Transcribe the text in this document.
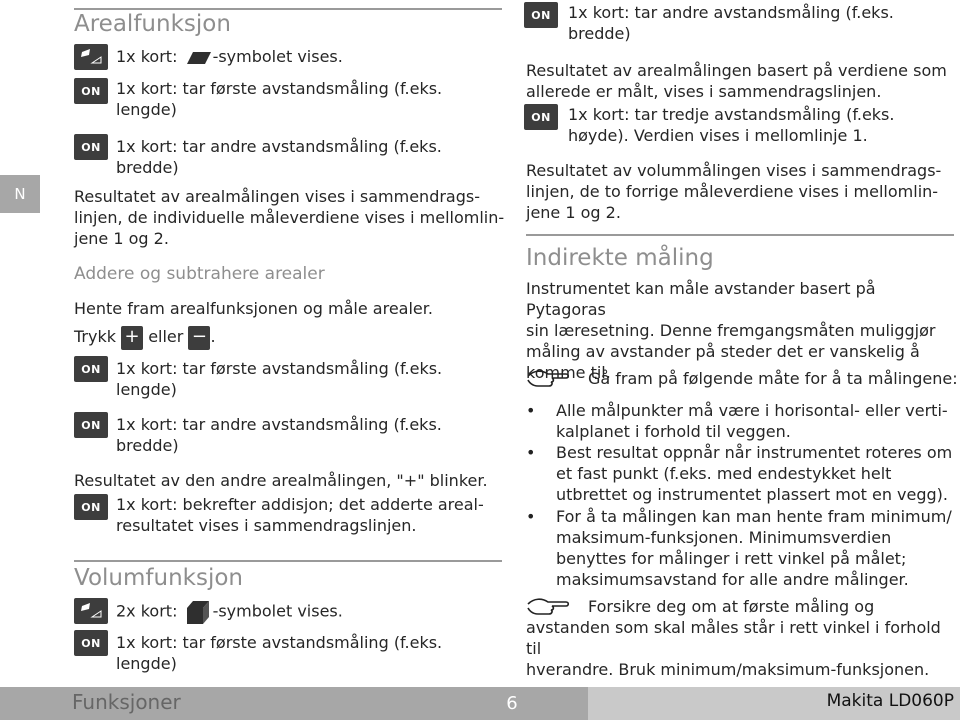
N
Arealfunksjon
1x kort: -symbolet vises.
ON 1x kort: tar første avstandsmåling (f.eks.
lengde)
ON 1x kort: tar andre avstandsmåling (f.eks.
bredde)
Resultatet av arealmålingen vises i sammendrags-
linjen, de individuelle måleverdiene vises i mellomlin-
jene 1 og 2.
Addere og subtrahere arealer
Hente fram arealfunksjonen og måle arealer.
Trykk + eller − .
ON 1x kort: tar første avstandsmåling (f.eks.
lengde)
ON 1x kort: tar andre avstandsmåling (f.eks.
bredde)
Resultatet av den andre arealmålingen, "+" blinker.
ON 1x kort: bekrefter addisjon; det adderte areal-
resultatet vises i sammendragslinjen.
Volumfunksjon
2x kort: -symbolet vises.
ON 1x kort: tar første avstandsmåling (f.eks.
lengde)
ON	1x kort: tar andre avstandsmåling (f.eks.
bredde)
Resultatet av arealmålingen basert på verdiene som
allerede er målt, vises i sammendragslinjen.
ON	1x kort: tar tredje avstandsmåling (f.eks.
høyde). Verdien vises i mellomlinje 1.
Resultatet av volummålingen vises i sammendrags-
linjen, de to forrige måleverdiene vises i mellomlin-
jene 1 og 2.
Indirekte måling
Instrumentet kan måle avstander basert på Pytagoras
sin læresetning. Denne fremgangsmåten muliggjør
måling av avstander på steder det er vanskelig å
komme til.
Gå fram på følgende måte for å ta målingene:
• Alle målpunkter må være i horisontal- eller verti-
kalplanet i forhold til veggen.
• Best resultat oppnår når instrumentet roteres om
et fast punkt (f.eks. med endestykket helt
utbrettet og instrumentet plassert mot en vegg).
• For å ta målingen kan man hente fram minimum/
maksimum-funksjonen. Minimumsverdien
benyttes for målinger i rett vinkel på målet;
maksimumsavstand for alle andre målinger.
Forsikre deg om at første måling og
avstanden som skal måles står i rett vinkel i forhold til
hverandre. Bruk minimum/maksimum-funksjonen.
6
Funksjoner	Makita LD060P
